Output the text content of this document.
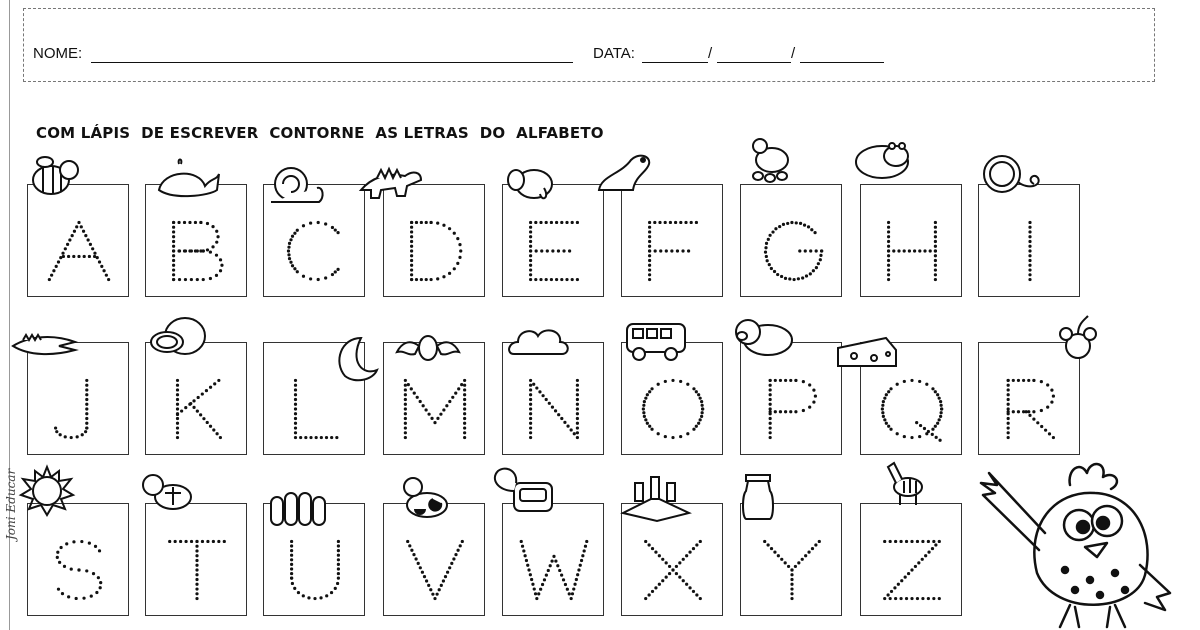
NOME:	DATA:	/	/
COM LÁPIS  DE ESCREVER  CONTORNE  AS LETRAS  DO  ALFABETO
Joni Educar
